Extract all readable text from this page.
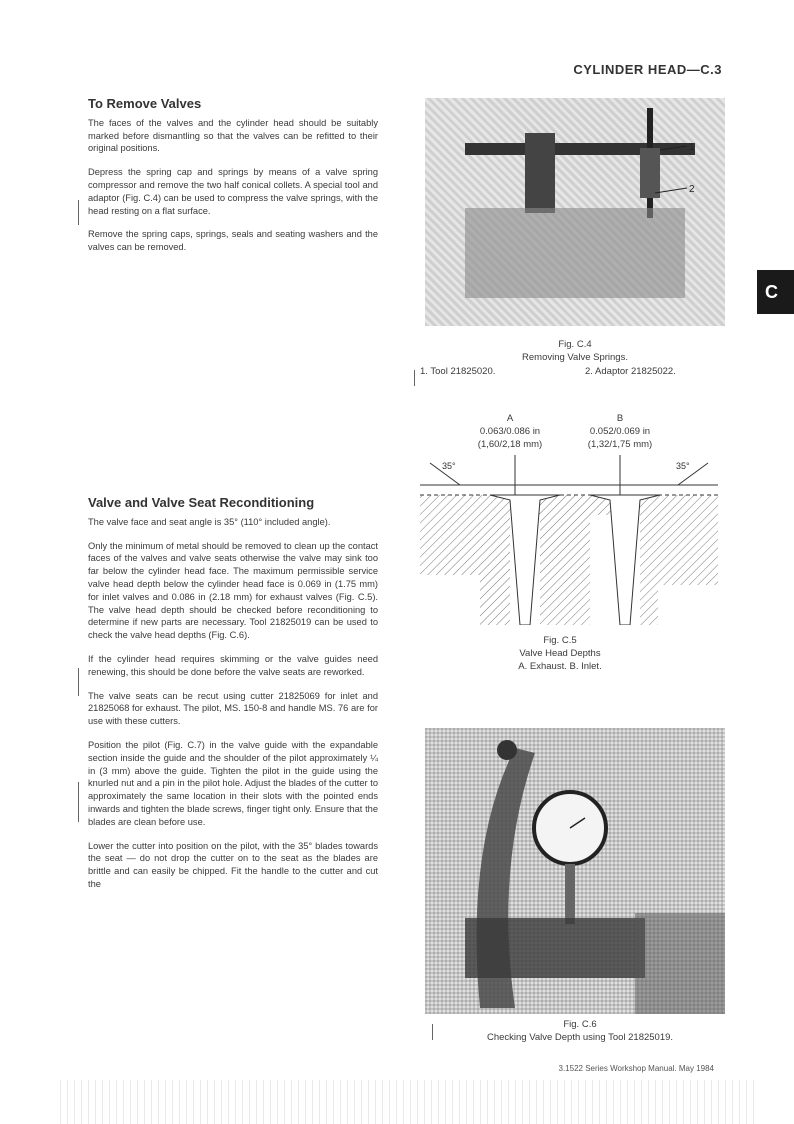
CYLINDER HEAD—C.3
C
To Remove Valves

The faces of the valves and the cylinder head should be suitably marked before dismantling so that the valves can be refitted to their original positions.

Depress the spring cap and springs by means of a valve spring compressor and remove the two half conical collets. A special tool and adaptor (Fig. C.4) can be used to compress the valve springs, with the head resting on a flat surface.

Remove the spring caps, springs, seals and seating washers and the valves can be removed.

Valve and Valve Seat Reconditioning

The valve face and seat angle is 35° (110° included angle).

Only the minimum of metal should be removed to clean up the contact faces of the valves and valve seats otherwise the valve may sink too far below the cylinder head face. The maximum permissible service valve head depth below the cylinder head face is 0.069 in (1.75 mm) for inlet valves and 0.086 in (2.18 mm) for exhaust valves (Fig. C.5). The valve head depth should be checked before reconditioning to determine if new parts are necessary. Tool 21825019 can be used to check the valve head depths (Fig. C.6).

If the cylinder head requires skimming or the valve guides need renewing, this should be done before the valve seats are reworked.

The valve seats can be recut using cutter 21825069 for inlet and 21825068 for exhaust. The pilot, MS. 150-8 and handle MS. 76 are for use with these cutters.

Position the pilot (Fig. C.7) in the valve guide with the expandable section inside the guide and the shoulder of the pilot approximately ¼ in (3 mm) above the guide. Tighten the pilot in the guide using the knurled nut and a pin in the pilot hole. Adjust the blades of the cutter to approximately the same location in their slots with the pointed ends inwards and tighten the blade screws, finger tight only. Ensure that the blades are clean before use.

Lower the cutter into position on the pilot, with the 35° blades towards the seat — do not drop the cutter on to the seat as the blades are brittle and can easily be chipped. Fit the handle to the cutter and cut the

1
2
Fig. C.4
Removing Valve Springs.
1. Tool 21825020.	2. Adaptor 21825022.
A
0.063/0.086 in
(1,60/2,18 mm)
B
0.052/0.069 in
(1,32/1,75 mm)
35°	35°
Fig. C.5
Valve Head Depths
A. Exhaust. B. Inlet.
Fig. C.6
Checking Valve Depth using Tool 21825019.
3.1522 Series Workshop Manual. May 1984
